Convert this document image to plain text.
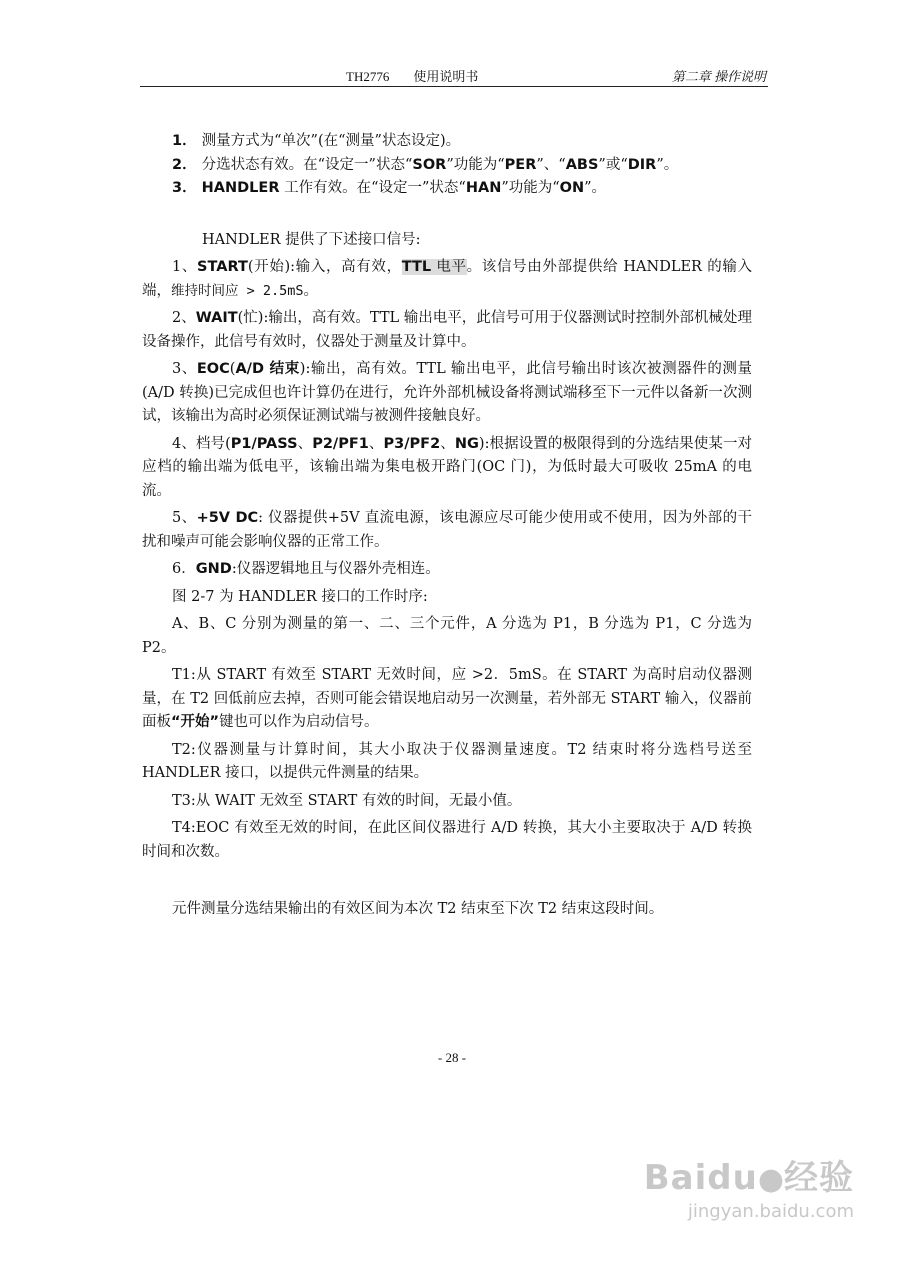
TH2776 使用说明书	第二章 操作说明

1． 测量方式为“单次”(在“测量”状态设定)。

2． 分选状态有效。在“设定一”状态“SOR”功能为“PER”、“ABS”或“DIR”。

3． HANDLER 工作有效。在“设定一”状态“HAN”功能为“ON”。

HANDLER 提供了下述接口信号:

1、START(开始):输入，高有效，TTL 电平。该信号由外部提供给 HANDLER 的输入端，维持时间应 > 2.5mS。

2、WAIT(忙):输出，高有效。TTL 输出电平，此信号可用于仪器测试时控制外部机械处理设备操作，此信号有效时，仪器处于测量及计算中。

3、EOC(A/D 结束):输出，高有效。TTL 输出电平，此信号输出时该次被测器件的测量(A/D 转换)已完成但也许计算仍在进行，允许外部机械设备将测试端移至下一元件以备新一次测试，该输出为高时必须保证测试端与被测件接触良好。

4、档号(P1/PASS、P2/PF1、P3/PF2、NG):根据设置的极限得到的分选结果使某一对应档的输出端为低电平，该输出端为集电极开路门(OC 门)，为低时最大可吸收 25mA 的电流。

5、+5V DC: 仪器提供+5V 直流电源，该电源应尽可能少使用或不使用，因为外部的干扰和噪声可能会影响仪器的正常工作。

6．GND:仪器逻辑地且与仪器外壳相连。

图 2-7 为 HANDLER 接口的工作时序:

A、B、C 分别为测量的第一、二、三个元件，A 分选为 P1，B 分选为 P1，C 分选为 P2。

T1:从 START 有效至 START 无效时间，应 >2．5mS。在 START 为高时启动仪器测量，在 T2 回低前应去掉，否则可能会错误地启动另一次测量，若外部无 START 输入，仪器前面板“开始”键也可以作为启动信号。

T2:仪器测量与计算时间，其大小取决于仪器测量速度。T2 结束时将分选档号送至 HANDLER 接口，以提供元件测量的结果。

T3:从 WAIT 无效至 START 有效的时间，无最小值。

T4:EOC 有效至无效的时间，在此区间仪器进行 A/D 转换，其大小主要取决于 A/D 转换时间和次数。

元件测量分选结果输出的有效区间为本次 T2 结束至下次 T2 结束这段时间。

- 28 -
Baidu●经验
jingyan.baidu.com
